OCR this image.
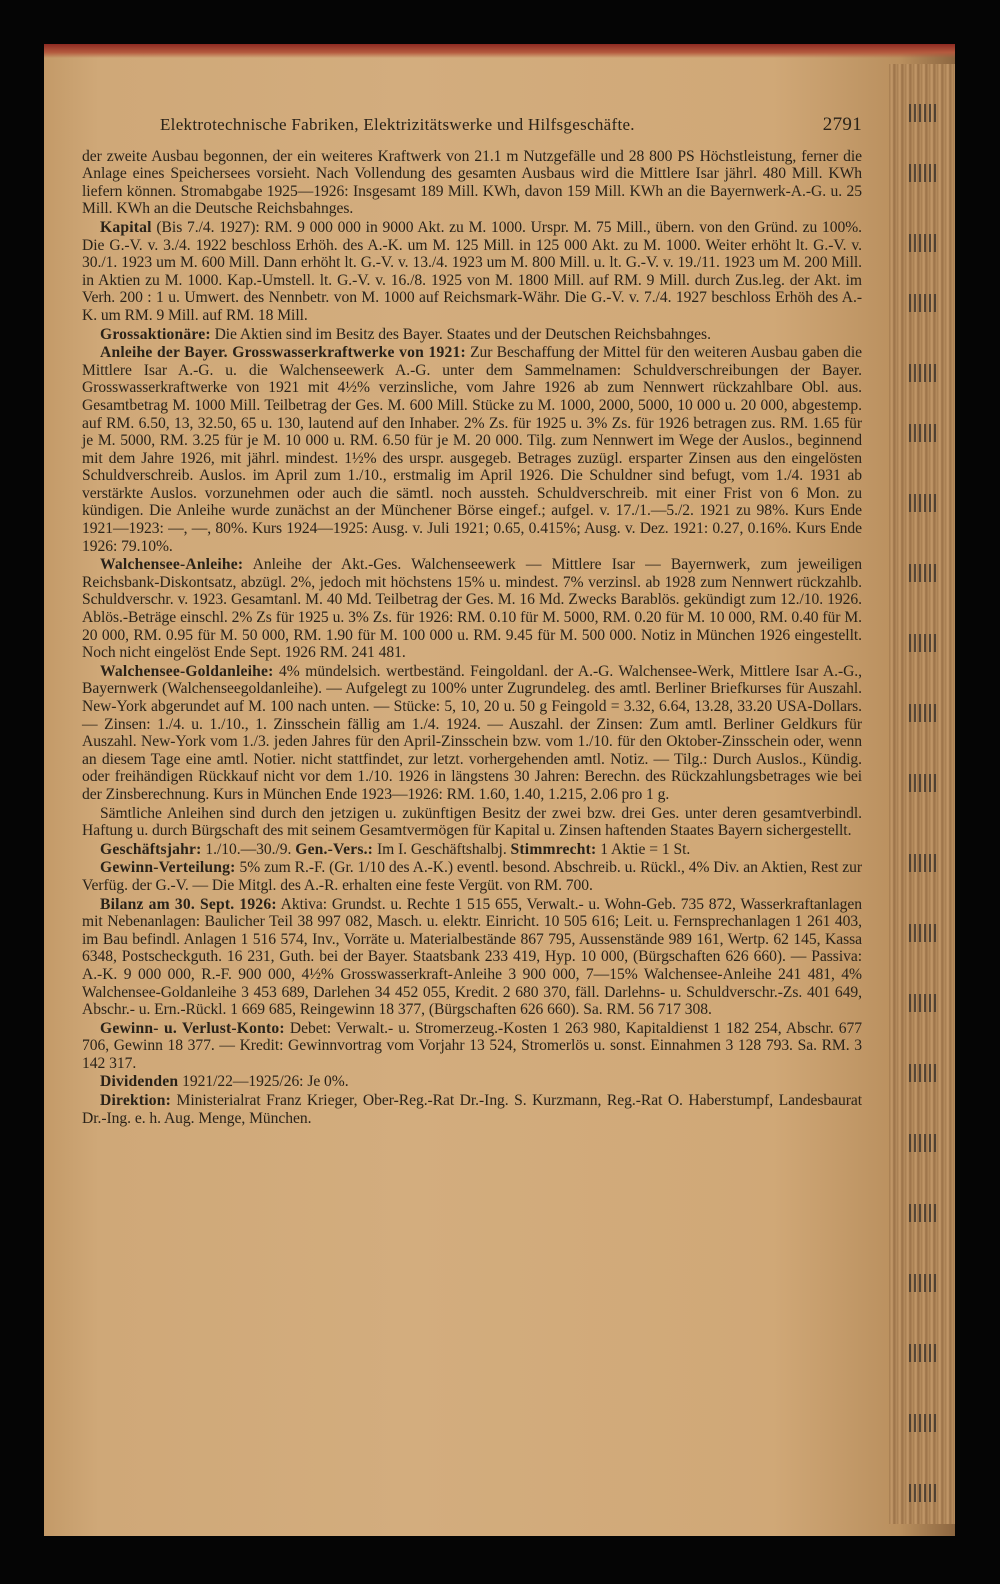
Elektrotechnische Fabriken, Elektrizitätswerke und Hilfsgeschäfte.	2791

der zweite Ausbau begonnen, der ein weiteres Kraftwerk von 21.1 m Nutzgefälle und 28 800 PS Höchstleistung, ferner die Anlage eines Speichersees vorsieht. Nach Vollendung des gesamten Ausbaus wird die Mittlere Isar jährl. 480 Mill. KWh liefern können. Stromabgabe 1925—1926: Insgesamt 189 Mill. KWh, davon 159 Mill. KWh an die Bayernwerk-A.-G. u. 25 Mill. KWh an die Deutsche Reichsbahnges.

Kapital (Bis 7./4. 1927): RM. 9 000 000 in 9000 Akt. zu M. 1000. Urspr. M. 75 Mill., übern. von den Gründ. zu 100%. Die G.-V. v. 3./4. 1922 beschloss Erhöh. des A.-K. um M. 125 Mill. in 125 000 Akt. zu M. 1000. Weiter erhöht lt. G.-V. v. 30./1. 1923 um M. 600 Mill. Dann erhöht lt. G.-V. v. 13./4. 1923 um M. 800 Mill. u. lt. G.-V. v. 19./11. 1923 um M. 200 Mill. in Aktien zu M. 1000. Kap.-Umstell. lt. G.-V. v. 16./8. 1925 von M. 1800 Mill. auf RM. 9 Mill. durch Zus.leg. der Akt. im Verh. 200 : 1 u. Umwert. des Nennbetr. von M. 1000 auf Reichsmark-Währ. Die G.-V. v. 7./4. 1927 beschloss Erhöh des A.-K. um RM. 9 Mill. auf RM. 18 Mill.

Grossaktionäre: Die Aktien sind im Besitz des Bayer. Staates und der Deutschen Reichsbahnges.

Anleihe der Bayer. Grosswasserkraftwerke von 1921: Zur Beschaffung der Mittel für den weiteren Ausbau gaben die Mittlere Isar A.-G. u. die Walchenseewerk A.-G. unter dem Sammelnamen: Schuldverschreibungen der Bayer. Grosswasserkraftwerke von 1921 mit 4½% verzinsliche, vom Jahre 1926 ab zum Nennwert rückzahlbare Obl. aus. Gesamtbetrag M. 1000 Mill. Teilbetrag der Ges. M. 600 Mill. Stücke zu M. 1000, 2000, 5000, 10 000 u. 20 000, abgestemp. auf RM. 6.50, 13, 32.50, 65 u. 130, lautend auf den Inhaber. 2% Zs. für 1925 u. 3% Zs. für 1926 betragen zus. RM. 1.65 für je M. 5000, RM. 3.25 für je M. 10 000 u. RM. 6.50 für je M. 20 000. Tilg. zum Nennwert im Wege der Auslos., beginnend mit dem Jahre 1926, mit jährl. mindest. 1½% des urspr. ausgegeb. Betrages zuzügl. ersparter Zinsen aus den eingelösten Schuldverschreib. Auslos. im April zum 1./10., erstmalig im April 1926. Die Schuldner sind befugt, vom 1./4. 1931 ab verstärkte Auslos. vorzunehmen oder auch die sämtl. noch aussteh. Schuldverschreib. mit einer Frist von 6 Mon. zu kündigen. Die Anleihe wurde zunächst an der Münchener Börse eingef.; aufgel. v. 17./1.—5./2. 1921 zu 98%. Kurs Ende 1921—1923: —, —, 80%. Kurs 1924—1925: Ausg. v. Juli 1921; 0.65, 0.415%; Ausg. v. Dez. 1921: 0.27, 0.16%. Kurs Ende 1926: 79.10%.

Walchensee-Anleihe: Anleihe der Akt.-Ges. Walchenseewerk — Mittlere Isar — Bayernwerk, zum jeweiligen Reichsbank-Diskontsatz, abzügl. 2%, jedoch mit höchstens 15% u. mindest. 7% verzinsl. ab 1928 zum Nennwert rückzahlb. Schuldverschr. v. 1923. Gesamtanl. M. 40 Md. Teilbetrag der Ges. M. 16 Md. Zwecks Barablös. gekündigt zum 12./10. 1926. Ablös.-Beträge einschl. 2% Zs für 1925 u. 3% Zs. für 1926: RM. 0.10 für M. 5000, RM. 0.20 für M. 10 000, RM. 0.40 für M. 20 000, RM. 0.95 für M. 50 000, RM. 1.90 für M. 100 000 u. RM. 9.45 für M. 500 000. Notiz in München 1926 eingestellt. Noch nicht eingelöst Ende Sept. 1926 RM. 241 481.

Walchensee-Goldanleihe: 4% mündelsich. wertbeständ. Feingoldanl. der A.-G. Walchensee-Werk, Mittlere Isar A.-G., Bayernwerk (Walchenseegoldanleihe). — Aufgelegt zu 100% unter Zugrundeleg. des amtl. Berliner Briefkurses für Auszahl. New-York abgerundet auf M. 100 nach unten. — Stücke: 5, 10, 20 u. 50 g Feingold = 3.32, 6.64, 13.28, 33.20 USA-Dollars. — Zinsen: 1./4. u. 1./10., 1. Zinsschein fällig am 1./4. 1924. — Auszahl. der Zinsen: Zum amtl. Berliner Geldkurs für Auszahl. New-York vom 1./3. jeden Jahres für den April-Zinsschein bzw. vom 1./10. für den Oktober-Zinsschein oder, wenn an diesem Tage eine amtl. Notier. nicht stattfindet, zur letzt. vorhergehenden amtl. Notiz. — Tilg.: Durch Auslos., Kündig. oder freihändigen Rückkauf nicht vor dem 1./10. 1926 in längstens 30 Jahren: Berechn. des Rückzahlungsbetrages wie bei der Zinsberechnung. Kurs in München Ende 1923—1926: RM. 1.60, 1.40, 1.215, 2.06 pro 1 g.

Sämtliche Anleihen sind durch den jetzigen u. zukünftigen Besitz der zwei bzw. drei Ges. unter deren gesamtverbindl. Haftung u. durch Bürgschaft des mit seinem Gesamtvermögen für Kapital u. Zinsen haftenden Staates Bayern sichergestellt.

Geschäftsjahr: 1./10.—30./9. Gen.-Vers.: Im I. Geschäftshalbj. Stimmrecht: 1 Aktie = 1 St.

Gewinn-Verteilung: 5% zum R.-F. (Gr. 1/10 des A.-K.) eventl. besond. Abschreib. u. Rückl., 4% Div. an Aktien, Rest zur Verfüg. der G.-V. — Die Mitgl. des A.-R. erhalten eine feste Vergüt. von RM. 700.

Bilanz am 30. Sept. 1926: Aktiva: Grundst. u. Rechte 1 515 655, Verwalt.- u. Wohn-Geb. 735 872, Wasserkraftanlagen mit Nebenanlagen: Baulicher Teil 38 997 082, Masch. u. elektr. Einricht. 10 505 616; Leit. u. Fernsprechanlagen 1 261 403, im Bau befindl. Anlagen 1 516 574, Inv., Vorräte u. Materialbestände 867 795, Aussenstände 989 161, Wertp. 62 145, Kassa 6348, Postscheckguth. 16 231, Guth. bei der Bayer. Staatsbank 233 419, Hyp. 10 000, (Bürgschaften 626 660). — Passiva: A.-K. 9 000 000, R.-F. 900 000, 4½% Grosswasserkraft-Anleihe 3 900 000, 7—15% Walchensee-Anleihe 241 481, 4% Walchensee-Goldanleihe 3 453 689, Darlehen 34 452 055, Kredit. 2 680 370, fäll. Darlehns- u. Schuldverschr.-Zs. 401 649, Abschr.- u. Ern.-Rückl. 1 669 685, Reingewinn 18 377, (Bürgschaften 626 660). Sa. RM. 56 717 308.

Gewinn- u. Verlust-Konto: Debet: Verwalt.- u. Stromerzeug.-Kosten 1 263 980, Kapitaldienst 1 182 254, Abschr. 677 706, Gewinn 18 377. — Kredit: Gewinnvortrag vom Vorjahr 13 524, Stromerlös u. sonst. Einnahmen 3 128 793. Sa. RM. 3 142 317.

Dividenden 1921/22—1925/26: Je 0%.

Direktion: Ministerialrat Franz Krieger, Ober-Reg.-Rat Dr.-Ing. S. Kurzmann, Reg.-Rat O. Haberstumpf, Landesbaurat Dr.-Ing. e. h. Aug. Menge, München.
